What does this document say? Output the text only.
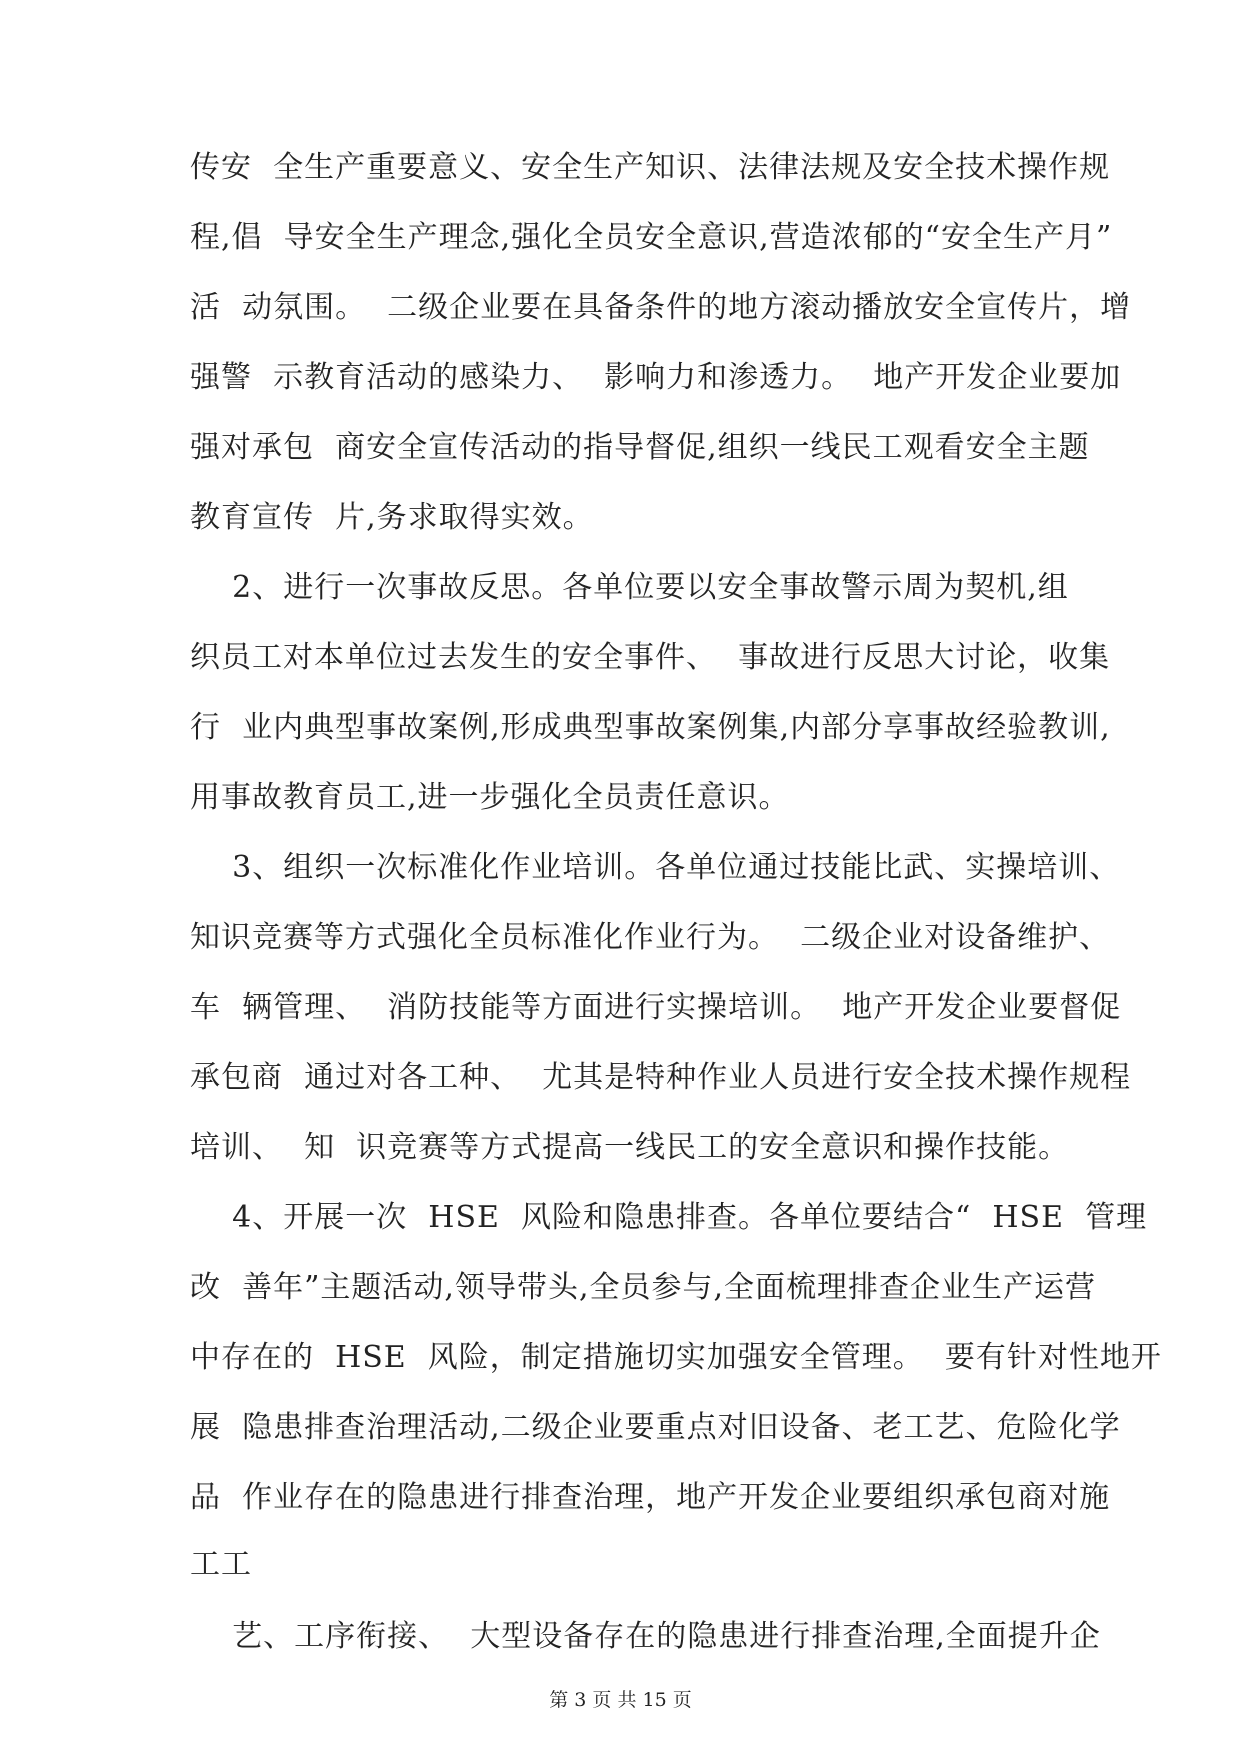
传安  全生产重要意义、安全生产知识、法律法规及安全技术操作规
程,倡  导安全生产理念,强化全员安全意识,营造浓郁的“安全生产月”
活  动氛围。  二级企业要在具备条件的地方滚动播放安全宣传片，增
强警  示教育活动的感染力、  影响力和渗透力。  地产开发企业要加
强对承包  商安全宣传活动的指导督促,组织一线民工观看安全主题
教育宣传  片,务求取得实效。
2、进行一次事故反思。各单位要以安全事故警示周为契机,组
织员工对本单位过去发生的安全事件、  事故进行反思大讨论，收集
行  业内典型事故案例,形成典型事故案例集,内部分享事故经验教训,
用事故教育员工,进一步强化全员责任意识。
3、组织一次标准化作业培训。各单位通过技能比武、实操培训、
知识竞赛等方式强化全员标准化作业行为。  二级企业对设备维护、
车  辆管理、  消防技能等方面进行实操培训。  地产开发企业要督促
承包商  通过对各工种、  尤其是特种作业人员进行安全技术操作规程
培训、  知  识竞赛等方式提高一线民工的安全意识和操作技能。
4、开展一次  HSE  风险和隐患排查。各单位要结合“  HSE  管理
改  善年”主题活动,领导带头,全员参与,全面梳理排查企业生产运营
中存在的  HSE  风险，制定措施切实加强安全管理。  要有针对性地开
展  隐患排查治理活动,二级企业要重点对旧设备、老工艺、危险化学
品  作业存在的隐患进行排查治理，地产开发企业要组织承包商对施
工工
艺、工序衔接、  大型设备存在的隐患进行排查治理,全面提升企
第 3 页 共 15 页
